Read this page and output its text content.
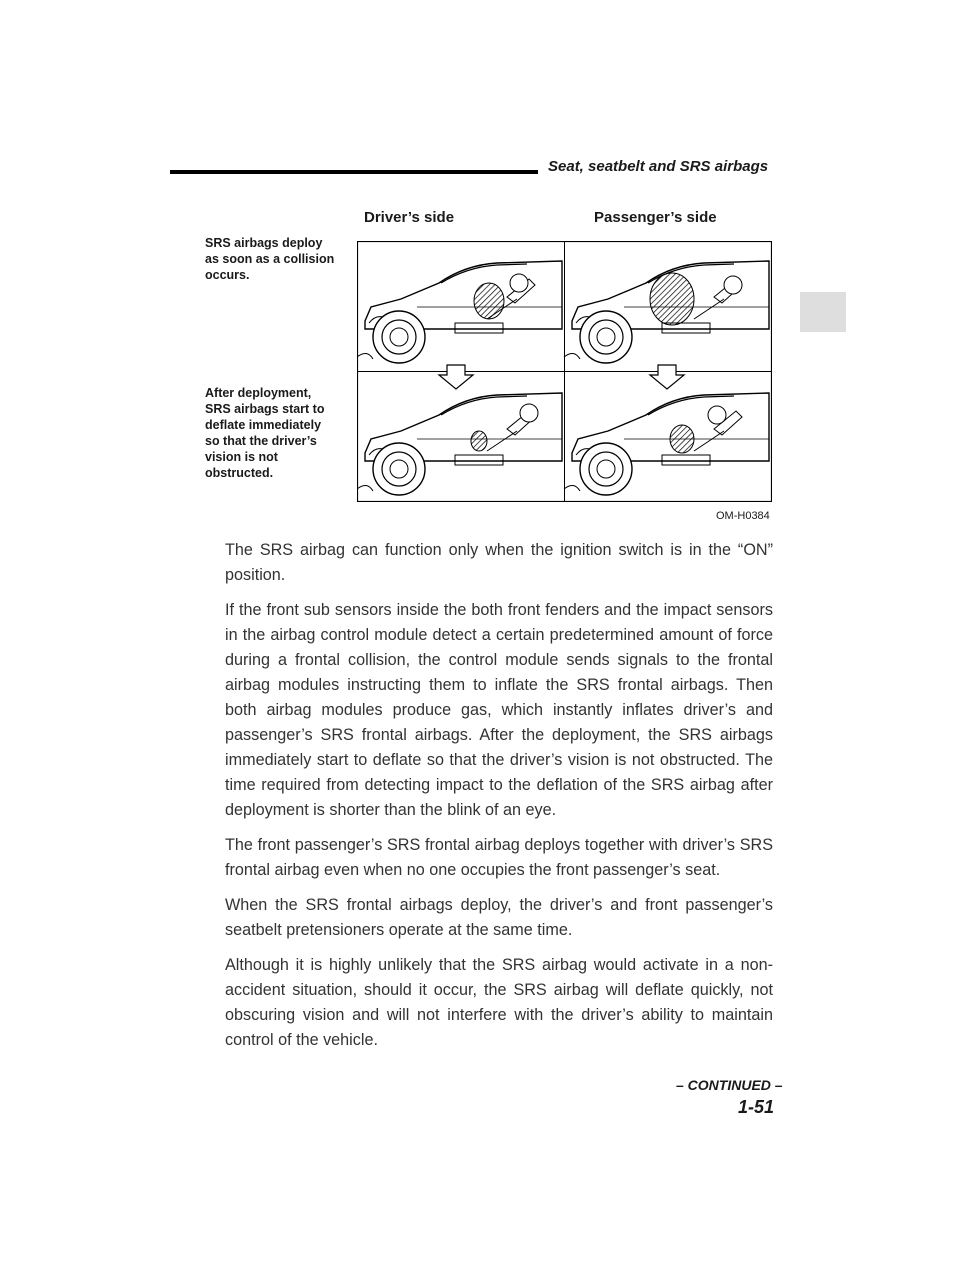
Seat, seatbelt and SRS airbags
Driver’s side	Passenger’s side
SRS airbags deploy
as soon as a collision
occurs.
After deployment,
SRS airbags start to
deflate immediately
so that the driver’s
vision is not
obstructed.
OM-H0384

The SRS airbag can function only when the ignition switch is in the “ON” position.

If the front sub sensors inside the both front fenders and the impact sensors in the airbag control module detect a certain predetermined amount of force during a frontal collision, the control module sends signals to the frontal airbag modules instructing them to inflate the SRS frontal airbags. Then both airbag modules produce gas, which instantly inflates driver’s and passenger’s SRS frontal airbags. After the deployment, the SRS airbags immediately start to deflate so that the driver’s vision is not obstructed. The time required from detecting impact to the deflation of the SRS airbag after deployment is shorter than the blink of an eye.

The front passenger’s SRS frontal airbag deploys together with driver’s SRS frontal airbag even when no one occupies the front passenger’s seat.

When the SRS frontal airbags deploy, the driver’s and front passenger’s seatbelt pretensioners operate at the same time.

Although it is highly unlikely that the SRS airbag would activate in a non-accident situation, should it occur, the SRS airbag will deflate quickly, not obscuring vision and will not interfere with the driver’s ability to maintain control of the vehicle.

– CONTINUED –
1-51
